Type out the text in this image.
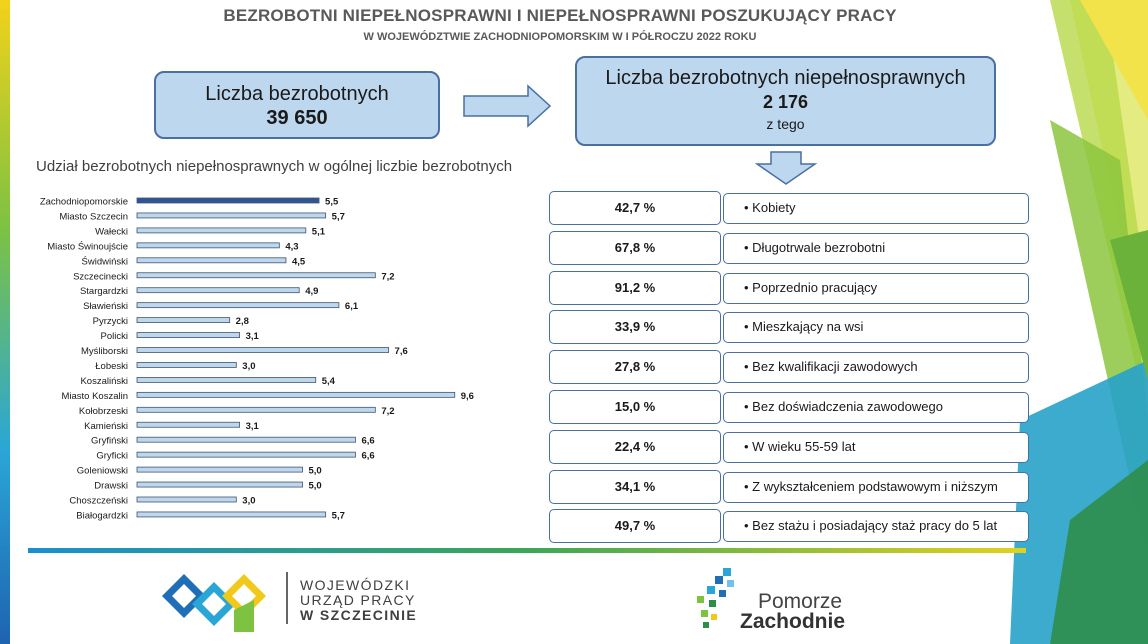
BEZROBOTNI NIEPEŁNOSPRAWNI I NIEPEŁNOSPRAWNI POSZUKUJĄCY PRACY
W WOJEWÓDZTWIE ZACHODNIOPOMORSKIM W I PÓŁROCZU 2022 ROKU
Liczba bezrobotnych
39 650
Liczba bezrobotnych niepełnosprawnych
2 176
z tego
Udział bezrobotnych niepełnosprawnych w ogólnej liczbie bezrobotnych
Zachodniopomorskie	5,5
Miasto Szczecin	5,7
Wałecki	5,1
Miasto Świnoujście	4,3
Świdwiński	4,5
Szczecinecki	7,2
Stargardzki	4,9
Sławieński	6,1
Pyrzycki	2,8
Policki	3,1
Myśliborski	7,6
Łobeski	3,0
Koszaliński	5,4
Miasto Koszalin	9,6
Kołobrzeski	7,2
Kamieński	3,1
Gryfiński	6,6
Gryficki	6,6
Goleniowski	5,0
Drawski	5,0
Choszczeński	3,0
Białogardzki	5,7
42,7 %	• Kobiety
67,8 %	• Długotrwale bezrobotni
91,2 %	• Poprzednio pracujący
33,9 %	• Mieszkający na wsi
27,8 %	• Bez kwalifikacji zawodowych
15,0 %	• Bez doświadczenia zawodowego
22,4 %	• W wieku 55-59 lat
34,1 %	• Z wykształceniem podstawowym i niższym
49,7 %	• Bez stażu i posiadający staż pracy do 5 lat
WOJEWÓDZKI
URZĄD PRACY
W SZCZECINIE
Pomorze
Zachodnie
